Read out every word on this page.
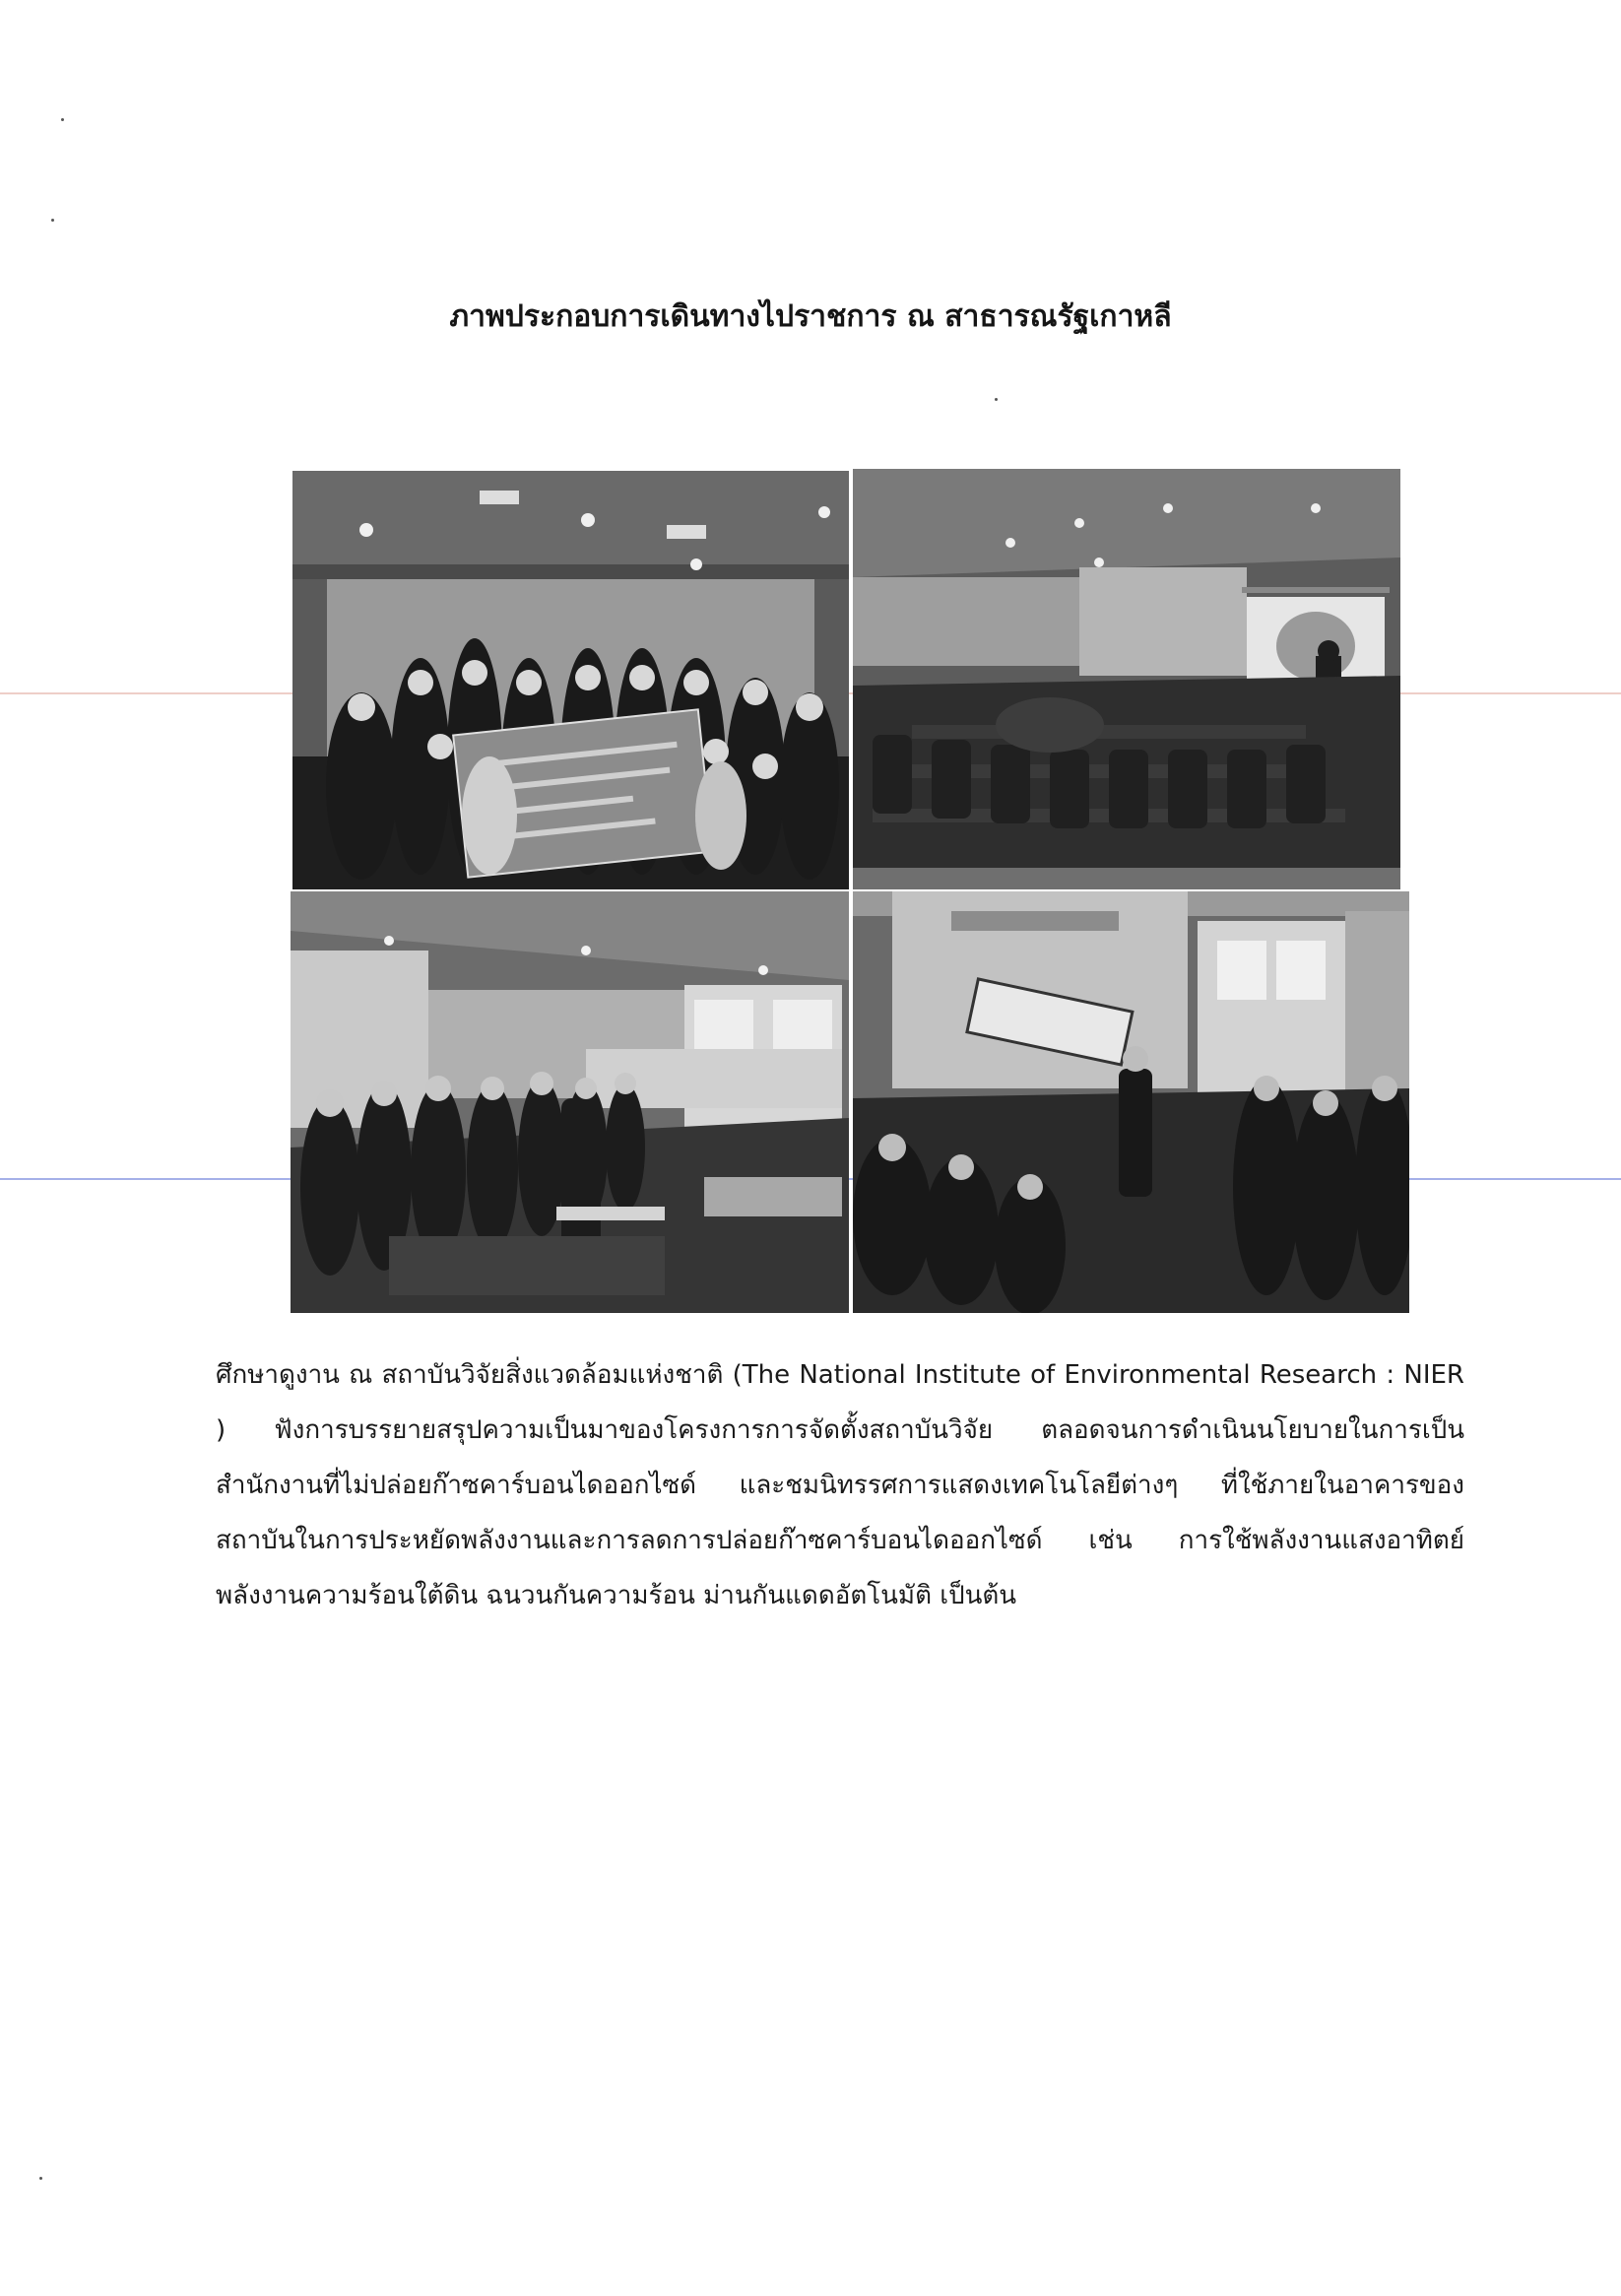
ภาพประกอบการเดินทางไปราชการ ณ สาธารณรัฐเกาหลี
ศึกษาดูงาน ณ สถาบันวิจัยสิ่งแวดล้อมแห่งชาติ (The National Institute of Environmental Research : NIER ) ฟังการบรรยายสรุปความเป็นมาของโครงการการจัดตั้งสถาบันวิจัย ตลอดจนการดำเนินนโยบายในการเป็นสำนักงานที่ไม่ปล่อยก๊าซคาร์บอนไดออกไซด์ และชมนิทรรศการแสดงเทคโนโลยีต่างๆ ที่ใช้ภายในอาคารของสถาบันในการประหยัดพลังงานและการลดการปล่อยก๊าซคาร์บอนไดออกไซด์ เช่น การใช้พลังงานแสงอาทิตย์ พลังงานความร้อนใต้ดิน ฉนวนกันความร้อน ม่านกันแดดอัตโนมัติ เป็นต้น
